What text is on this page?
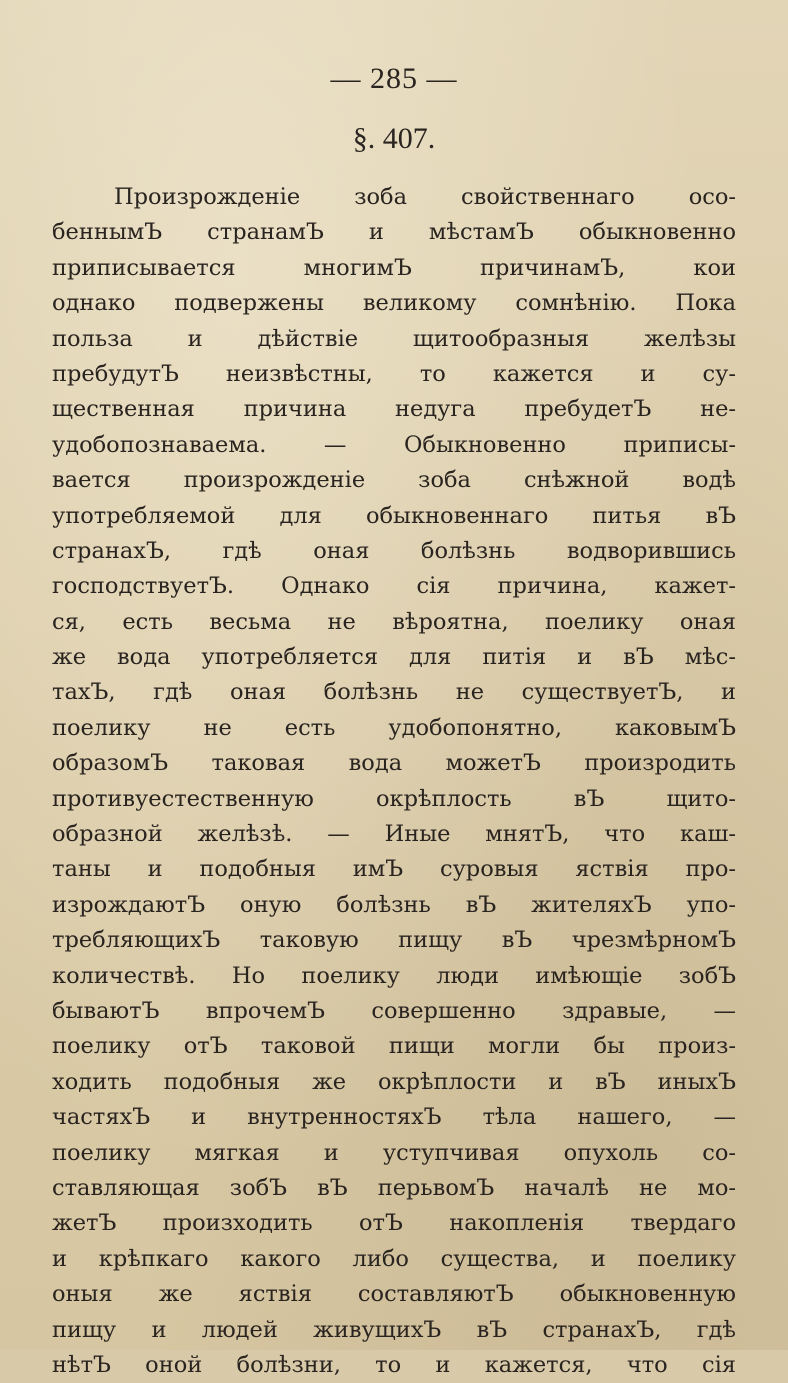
— 285 —
§. 407.
Произрожденіе зоба свойственнаго осо-
беннымЪ странамЪ и мѣстамЪ обыкновенно
приписывается многимЪ причинамЪ, кои
однако подвержены великому сомнѣнію. Пока
польза и дѣйствіе щитообразныя желѣзы
пребудутЪ неизвѣстны, то кажется и су-
щественная причина недуга пребудетЪ не-
удобопознаваема. — Обыкновенно приписы-
вается произрожденіе зоба снѣжной водѣ
употребляемой для обыкновеннаго питья вЪ
странахЪ, гдѣ оная болѣзнь водворившись
господствуетЪ. Однако сія причина, кажет-
ся, есть весьма не вѣроятна, поелику оная
же вода употребляется для питія и вЪ мѣс-
тахЪ, гдѣ оная болѣзнь не существуетЪ, и
поелику не есть удобопонятно, каковымЪ
образомЪ таковая вода можетЪ произродить
противуестественную окрѣплость вЪ щито-
образной желѣзѣ. — Иные мнятЪ, что каш-
таны и подобныя имЪ суровыя яствія про-
изрождаютЪ оную болѣзнь вЪ жителяхЪ упо-
требляющихЪ таковую пищу вЪ чрезмѣрномЪ
количествѣ. Но поелику люди имѣющіе зобЪ
бываютЪ впрочемЪ совершенно здравые, —
поелику отЪ таковой пищи могли бы произ-
ходить подобныя же окрѣплости и вЪ иныхЪ
частяхЪ и внутренностяхЪ тѣла нашего, —
поелику мягкая и уступчивая опухоль со-
ставляющая зобЪ вЪ перьвомЪ началѣ не мо-
жетЪ произходить отЪ накопленія твердаго
и крѣпкаго какого либо существа, и поелику
оныя же яствія составляютЪ обыкновенную
пищу и людей живущихЪ вЪ странахЪ, гдѣ
нѣтЪ оной болѣзни, то и кажется, что сія
